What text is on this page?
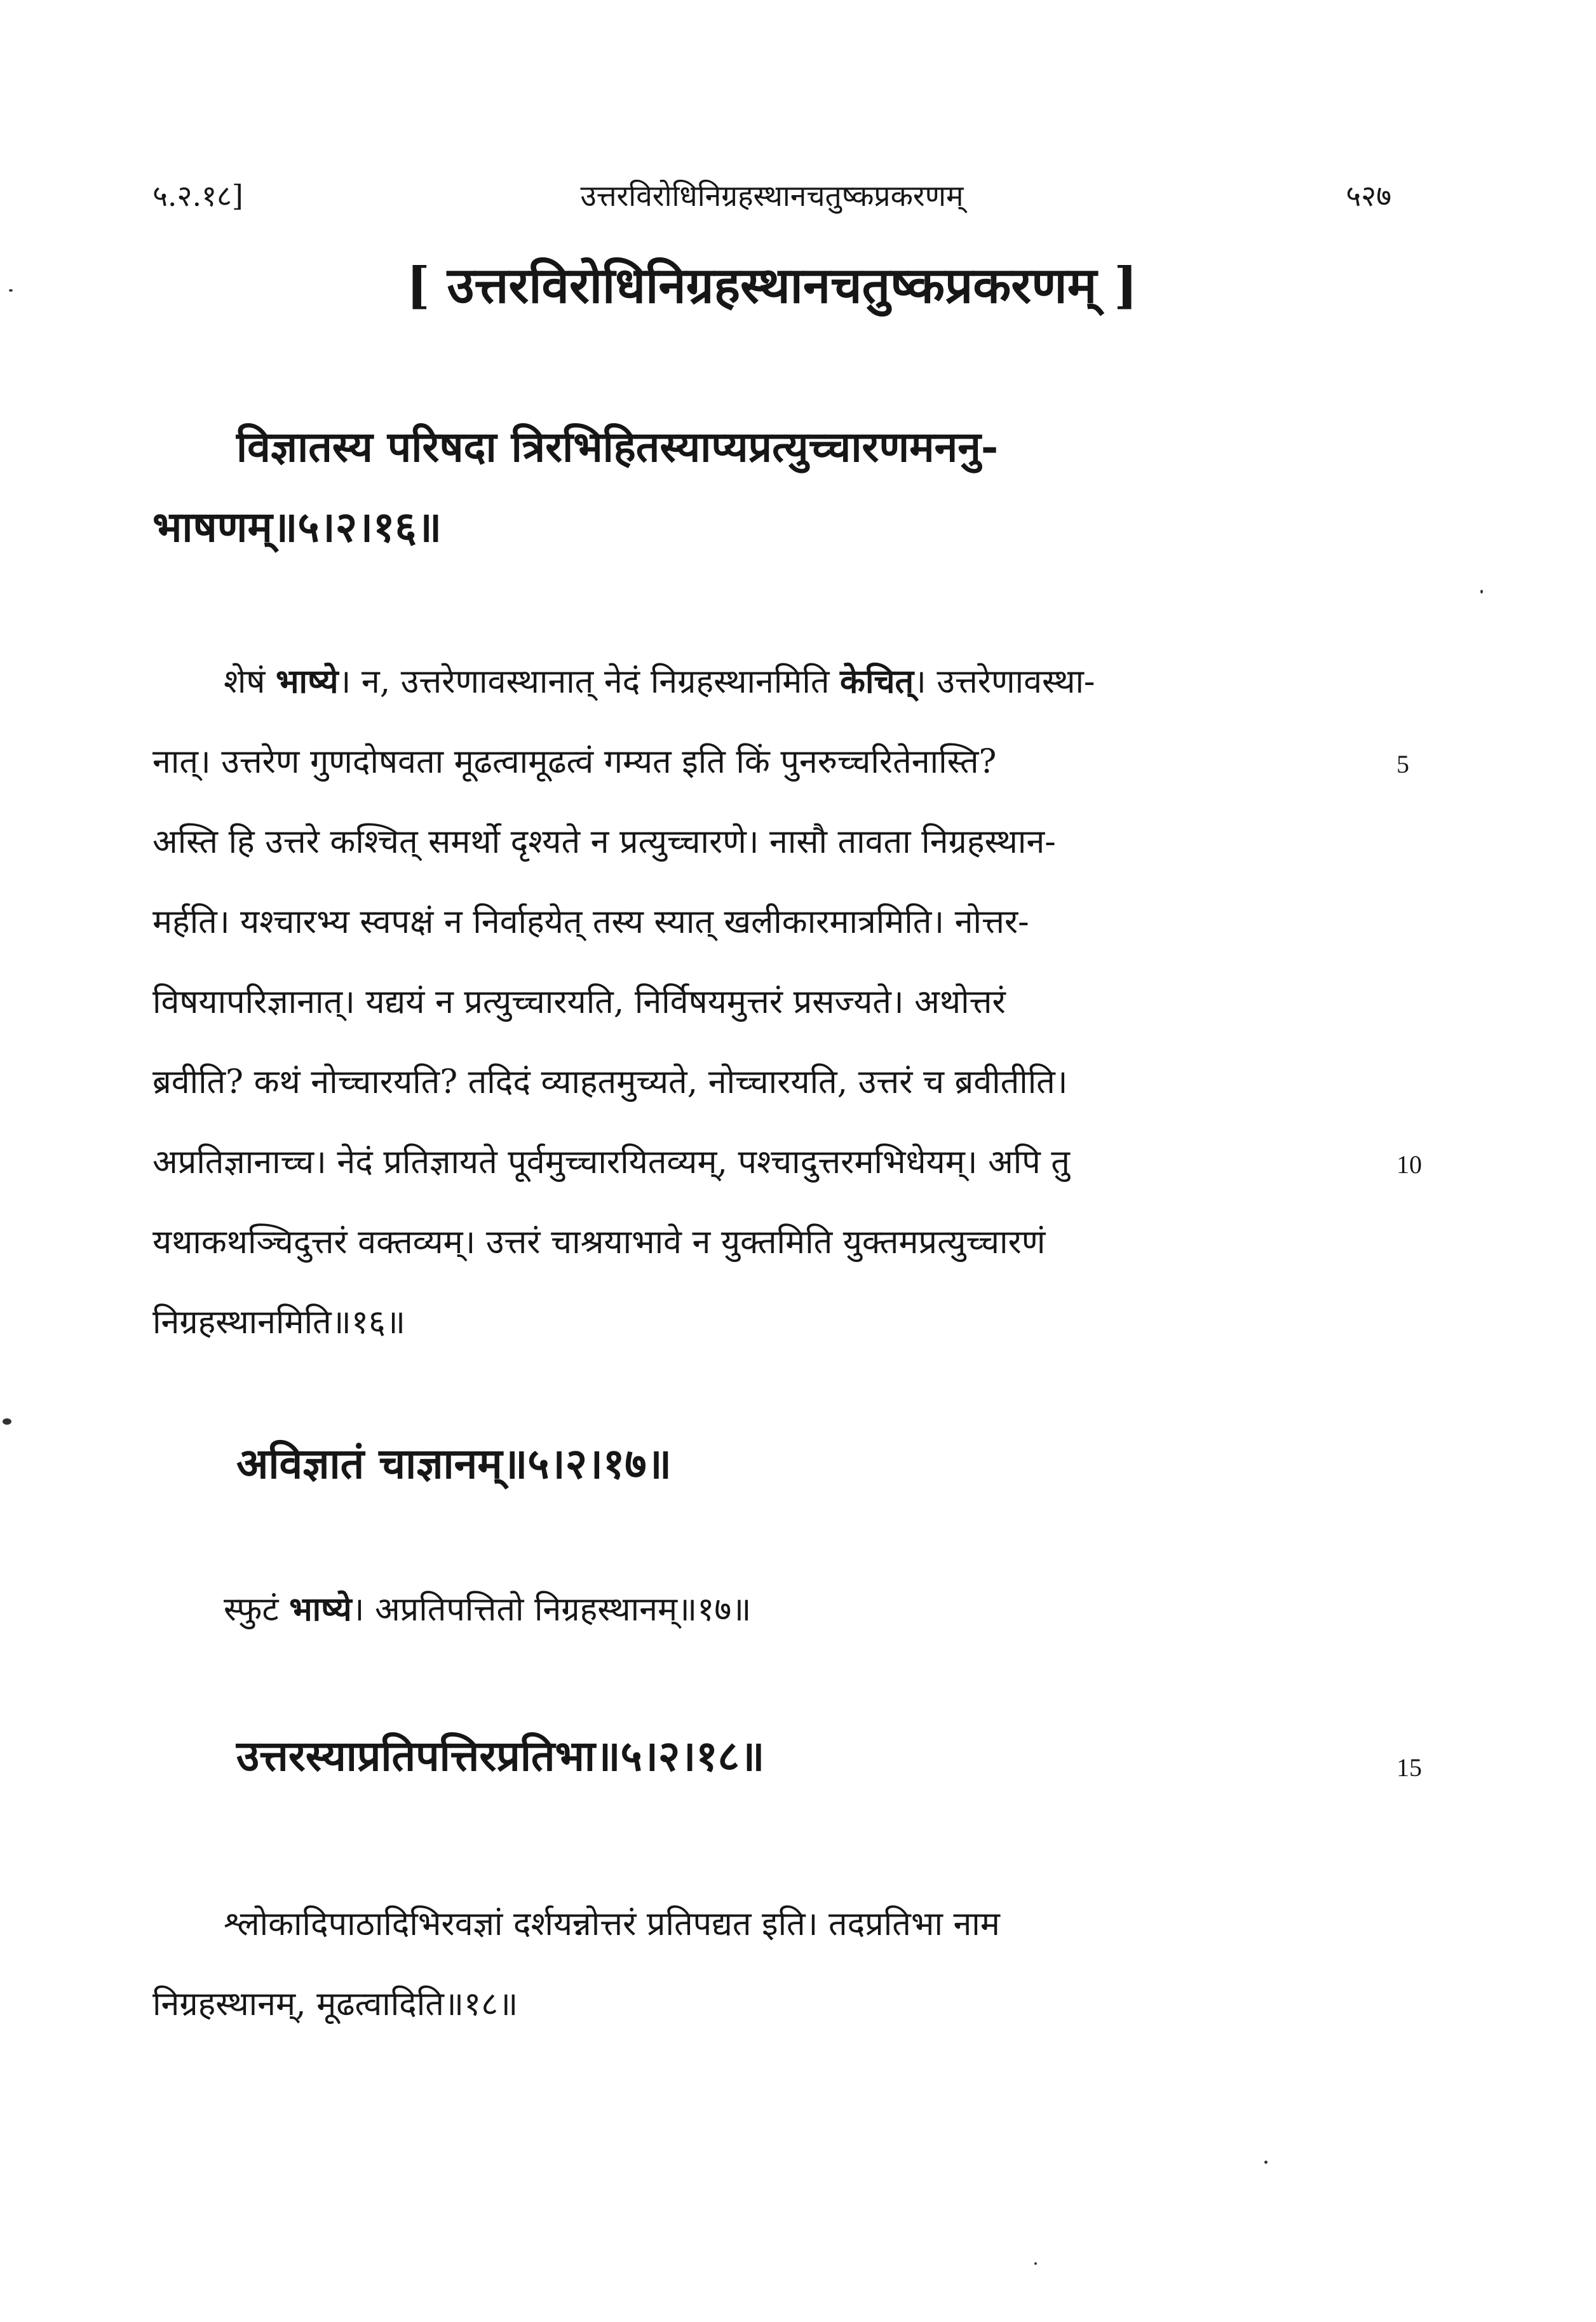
५.२.१८]	उत्तरविरोधिनिग्रहस्थानचतुष्कप्रकरणम्	५२७
[ उत्तरविरोधिनिग्रहस्थानचतुष्कप्रकरणम् ]
विज्ञातस्य परिषदा त्रिरभिहितस्याप्यप्रत्युच्चारणमननु-
भाषणम्॥५।२।१६॥
शेषं भाष्ये। न, उत्तरेणावस्थानात् नेदं निग्रहस्थानमिति केचित्। उत्तरेणावस्था-
नात्। उत्तरेण गुणदोषवता मूढत्वामूढत्वं गम्यत इति किं पुनरुच्चरितेनास्ति?
अस्ति हि उत्तरे कश्चित् समर्थो दृश्यते न प्रत्युच्चारणे। नासौ तावता निग्रहस्थान-
मर्हति। यश्चारभ्य स्वपक्षं न निर्वाहयेत् तस्य स्यात् खलीकारमात्रमिति। नोत्तर-
विषयापरिज्ञानात्। यद्ययं न प्रत्युच्चारयति, निर्विषयमुत्तरं प्रसज्यते। अथोत्तरं
ब्रवीति? कथं नोच्चारयति? तदिदं व्याहतमुच्यते, नोच्चारयति, उत्तरं च ब्रवीतीति।
अप्रतिज्ञानाच्च। नेदं प्रतिज्ञायते पूर्वमुच्चारयितव्यम्, पश्चादुत्तरमभिधेयम्। अपि तु
यथाकथञ्चिदुत्तरं वक्तव्यम्। उत्तरं चाश्रयाभावे न युक्तमिति युक्तमप्रत्युच्चारणं
निग्रहस्थानमिति॥१६॥
अविज्ञातं चाज्ञानम्॥५।२।१७॥
स्फुटं भाष्ये। अप्रतिपत्तितो निग्रहस्थानम्॥१७॥
उत्तरस्याप्रतिपत्तिरप्रतिभा॥५।२।१८॥
श्लोकादिपाठादिभिरवज्ञां दर्शयन्नोत्तरं प्रतिपद्यत इति। तदप्रतिभा नाम
निग्रहस्थानम्, मूढत्वादिति॥१८॥
5
10
15
